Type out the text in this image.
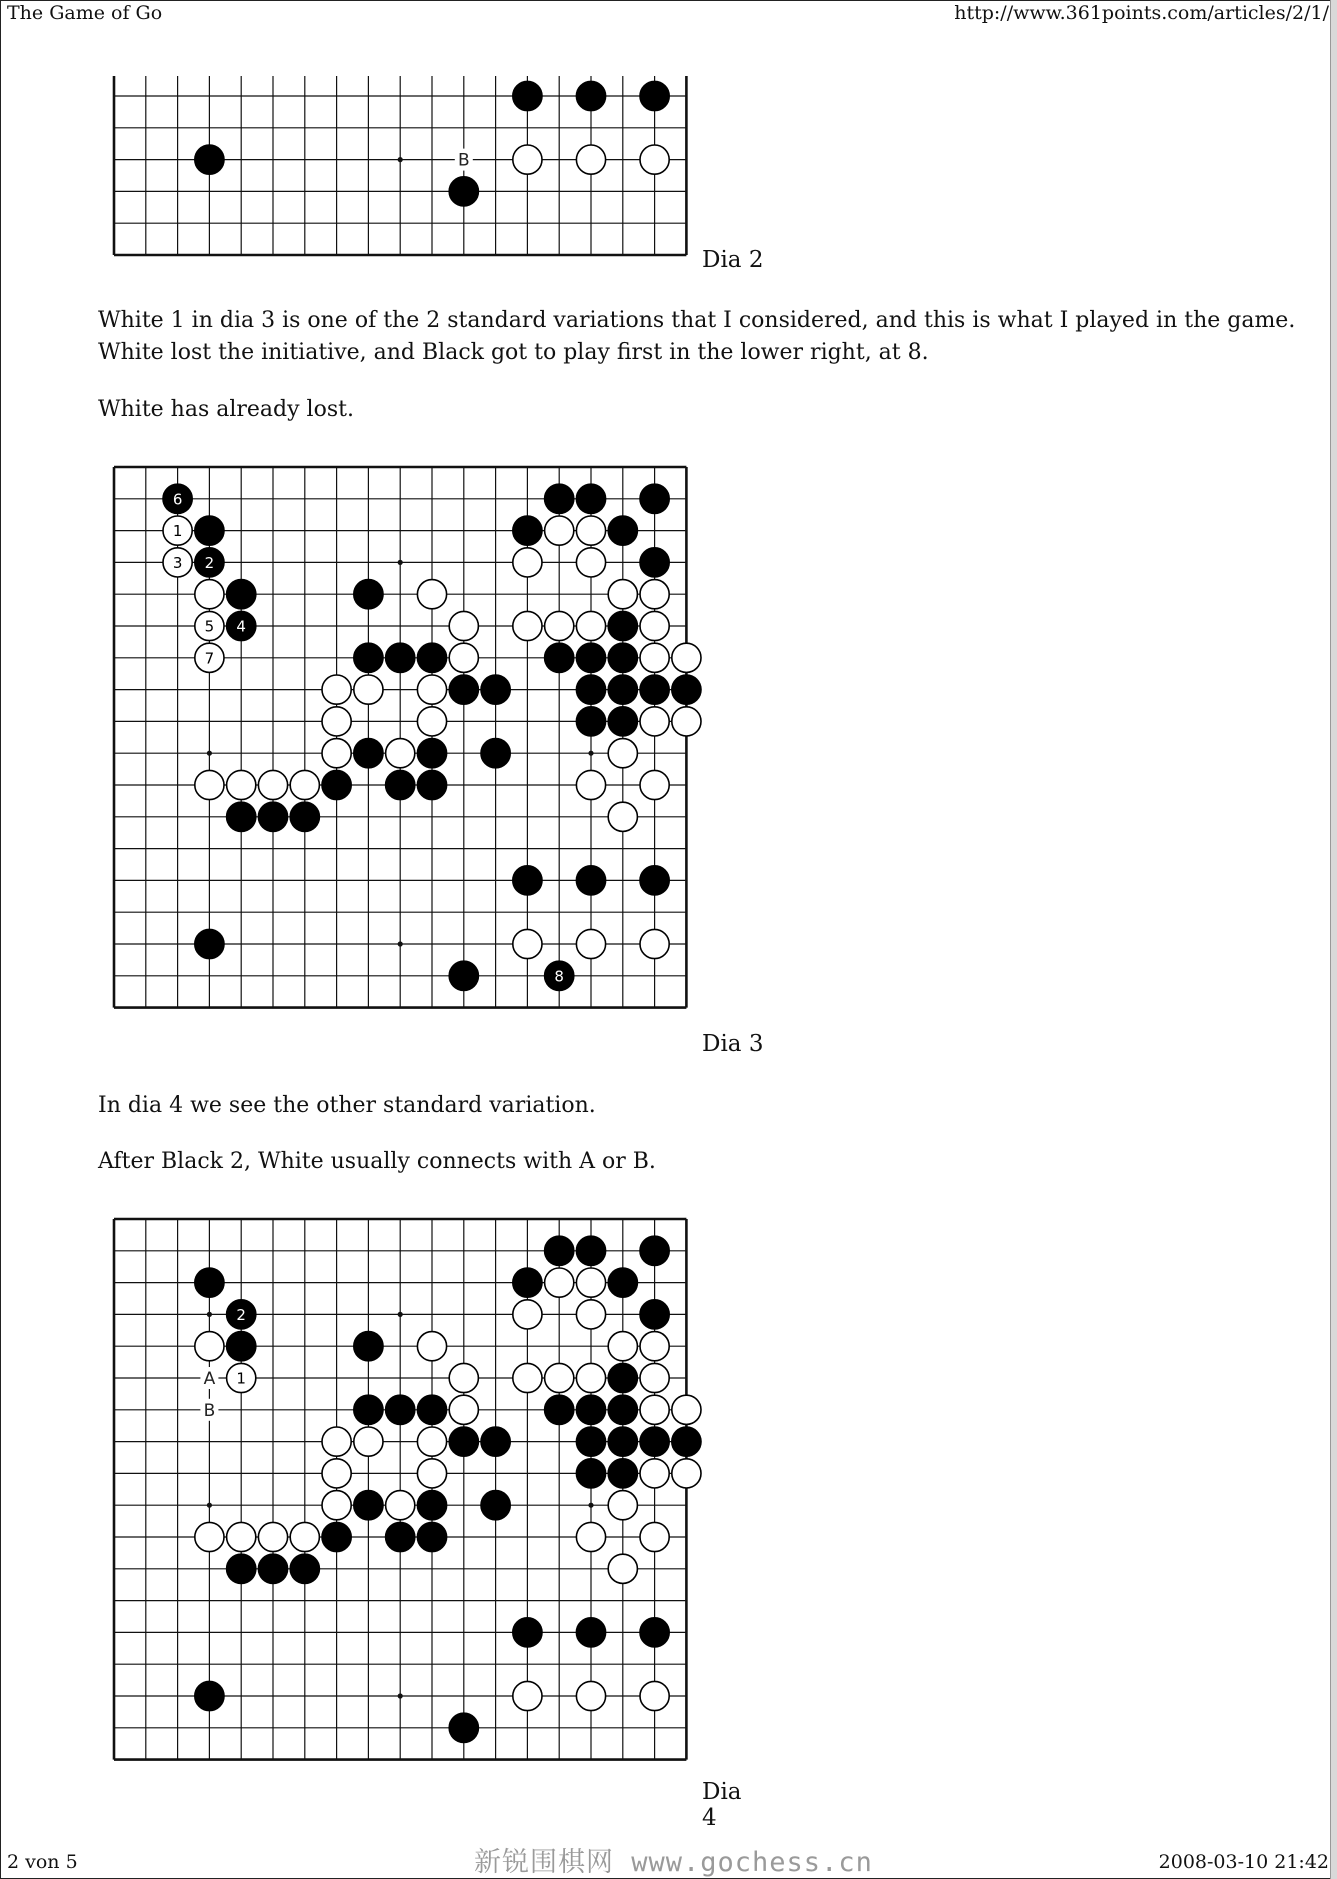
The Game of Go	http://www.361points.com/articles/2/1/
B
Dia 2
White 1 in dia 3 is one of the 2 standard variations that I considered, and this is what I played in the game.
White lost the initiative, and Black got to play first in the lower right, at 8.
White has already lost.
6
1
3 2
5 4
7
8
Dia 3
In dia 4 we see the other standard variation.
After Black 2, White usually connects with A or B.
2
A 1
B
Dia 4
2 von 5	新锐围棋网 www.gochess.cn	2008-03-10 21:42
